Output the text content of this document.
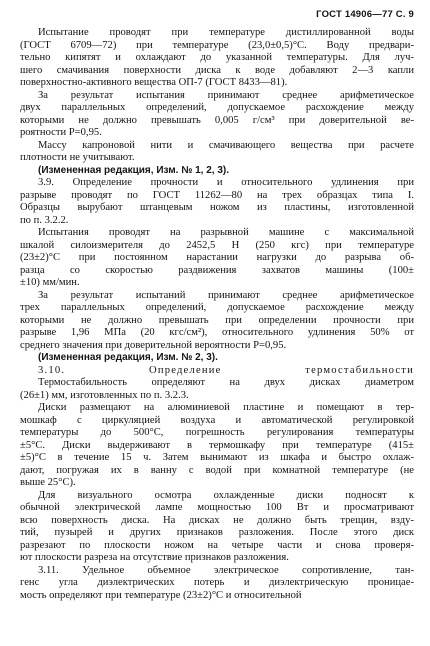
ГОСТ 14906—77 С. 9
Испытание проводят при температуре дистиллированной воды
(ГОСТ 6709—72) при температуре (23,0±0,5)°С. Воду предвари-
тельно кипятят и охлаждают до указанной температуры. Для луч-
шего смачивания поверхности диска к воде добавляют 2—3 капли
поверхностно-активного вещества ОП-7 (ГОСТ 8433—81).
За результат испытания принимают среднее арифметическое
двух параллельных определений, допускаемое расхождение между
которыми не должно превышать 0,005 г/см³ при доверительной ве-
роятности P=0,95.
Массу капроновой нити и смачивающего вещества при расчете
плотности не учитывают.
(Измененная редакция, Изм. № 1, 2, 3).
3.9. Определение прочности и относительного удлинения при
разрыве проводят по ГОСТ 11262—80 на трех образцах типа I.
Образцы вырубают штанцевым ножом из пластины, изготовленной
по п. 3.2.2.
Испытания проводят на разрывной машине с максимальной
шкалой силоизмерителя до 2452,5 Н (250 кгс) при температуре
(23±2)°С при постоянном нарастании нагрузки до разрыва об-
разца со скоростью раздвижения захватов машины (100±
±10) мм/мин.
За результат испытаний принимают среднее арифметическое
трех параллельных определений, допускаемое расхождение между
которыми не должно превышать при определении прочности при
разрыве 1,96 МПа (20 кгс/см²), относительного удлинения 50% от
среднего значения при доверительной вероятности P=0,95.
(Измененная редакция, Изм. № 2, 3).
3.10. Определение термостабильности
Термостабильность определяют на двух дисках диаметром
(26±1) мм, изготовленных по п. 3.2.3.
Диски размещают на алюминиевой пластине и помещают в тер-
мошкаф с циркуляцией воздуха и автоматической регулировкой
температуры до 500°С, погрешность регулирования температуры
±5°С. Диски выдерживают в термошкафу при температуре (415±
±5)°С в течение 15 ч. Затем вынимают из шкафа и быстро охлаж-
дают, погружая их в ванну с водой при комнатной температуре (не
выше 25°С).
Для визуального осмотра охлажденные диски подносят к
обычной электрической лампе мощностью 100 Вт и просматривают
всю поверхность диска. На дисках не должно быть трещин, взду-
тий, пузырей и других признаков разложения. После этого диск
разрезают по плоскости ножом на четыре части и снова проверя-
ют плоскости разреза на отсутствие признаков разложения.
3.11. Удельное объемное электрическое сопротивление, тан-
генс угла диэлектрических потерь и диэлектрическую проницае-
мость определяют при температуре (23±2)°С и относительной
